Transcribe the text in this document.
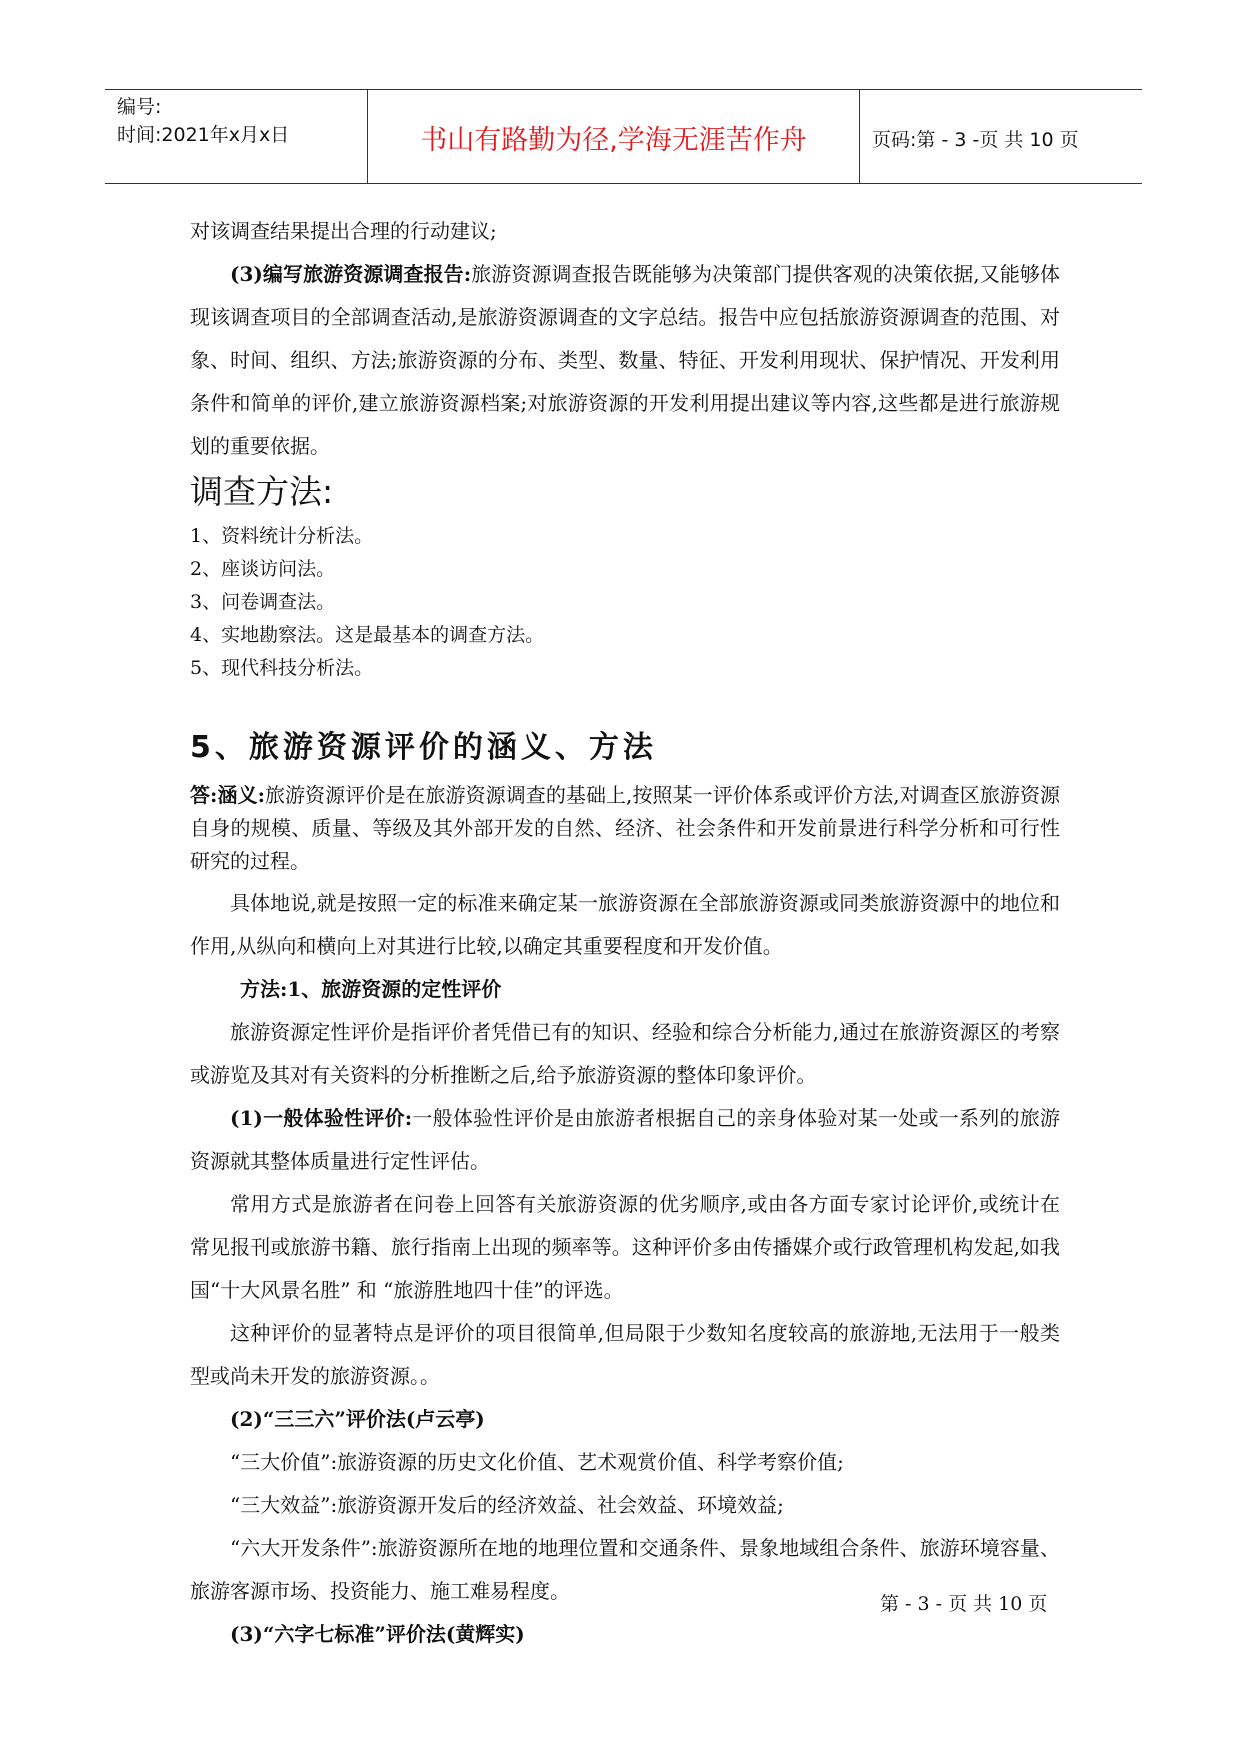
编号:
时间:2021年x月x日	书山有路勤为径,学海无涯苦作舟	页码:第 - 3 -页 共 10 页

对该调查结果提出合理的行动建议;

(3)编写旅游资源调查报告:旅游资源调查报告既能够为决策部门提供客观的决策依据,又能够体现该调查项目的全部调查活动,是旅游资源调查的文字总结。报告中应包括旅游资源调查的范围、对象、时间、组织、方法;旅游资源的分布、类型、数量、特征、开发利用现状、保护情况、开发利用条件和简单的评价,建立旅游资源档案;对旅游资源的开发利用提出建议等内容,这些都是进行旅游规划的重要依据。

调查方法:
1、资料统计分析法。
2、座谈访问法。
3、问卷调查法。
4、实地勘察法。这是最基本的调查方法。
5、现代科技分析法。
5、旅游资源评价的涵义、方法

答:涵义:旅游资源评价是在旅游资源调查的基础上,按照某一评价体系或评价方法,对调查区旅游资源自身的规模、质量、等级及其外部开发的自然、经济、社会条件和开发前景进行科学分析和可行性研究的过程。

具体地说,就是按照一定的标准来确定某一旅游资源在全部旅游资源或同类旅游资源中的地位和作用,从纵向和横向上对其进行比较,以确定其重要程度和开发价值。

方法:1、旅游资源的定性评价

旅游资源定性评价是指评价者凭借已有的知识、经验和综合分析能力,通过在旅游资源区的考察或游览及其对有关资料的分析推断之后,给予旅游资源的整体印象评价。

(1)一般体验性评价:一般体验性评价是由旅游者根据自己的亲身体验对某一处或一系列的旅游资源就其整体质量进行定性评估。

常用方式是旅游者在问卷上回答有关旅游资源的优劣顺序,或由各方面专家讨论评价,或统计在常见报刊或旅游书籍、旅行指南上出现的频率等。这种评价多由传播媒介或行政管理机构发起,如我国“十大风景名胜” 和 “旅游胜地四十佳”的评选。

这种评价的显著特点是评价的项目很简单,但局限于少数知名度较高的旅游地,无法用于一般类型或尚未开发的旅游资源。。

(2)“三三六”评价法(卢云亭)

“三大价值”:旅游资源的历史文化价值、艺术观赏价值、科学考察价值;

“三大效益”:旅游资源开发后的经济效益、社会效益、环境效益;

“六大开发条件”:旅游资源所在地的地理位置和交通条件、景象地域组合条件、旅游环境容量、旅游客源市场、投资能力、施工难易程度。

(3)“六字七标准”评价法(黄辉实)

第 - 3 - 页 共 10 页
